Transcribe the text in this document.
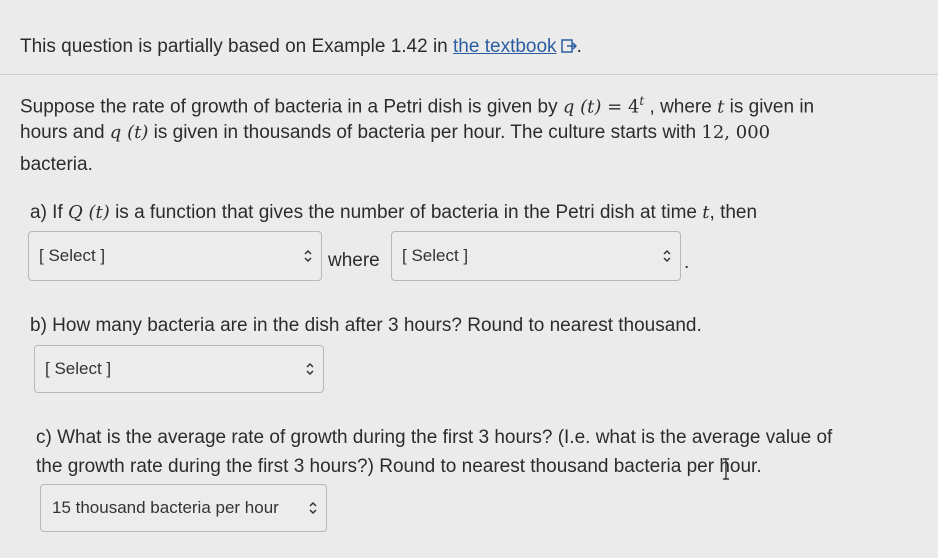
This question is partially based on Example 1.42 in the textbook .
Suppose the rate of growth of bacteria in a Petri dish is given by q $(t) = 4^t$ , where t is given in
hours and q (t) is given in thousands of bacteria per hour. The culture starts with 12, 000
bacteria.
a) If Q (t) is a function that gives the number of bacteria in the Petri dish at time t, then
[ Select ]	where [ Select ]	.
b) How many bacteria are in the dish after 3 hours? Round to nearest thousand.
[ Select ]
c) What is the average rate of growth during the first 3 hours? (I.e. what is the average value of
the growth rate during the first 3 hours?) Round to nearest thousand bacteria per hour.
15 thousand bacteria per hour
